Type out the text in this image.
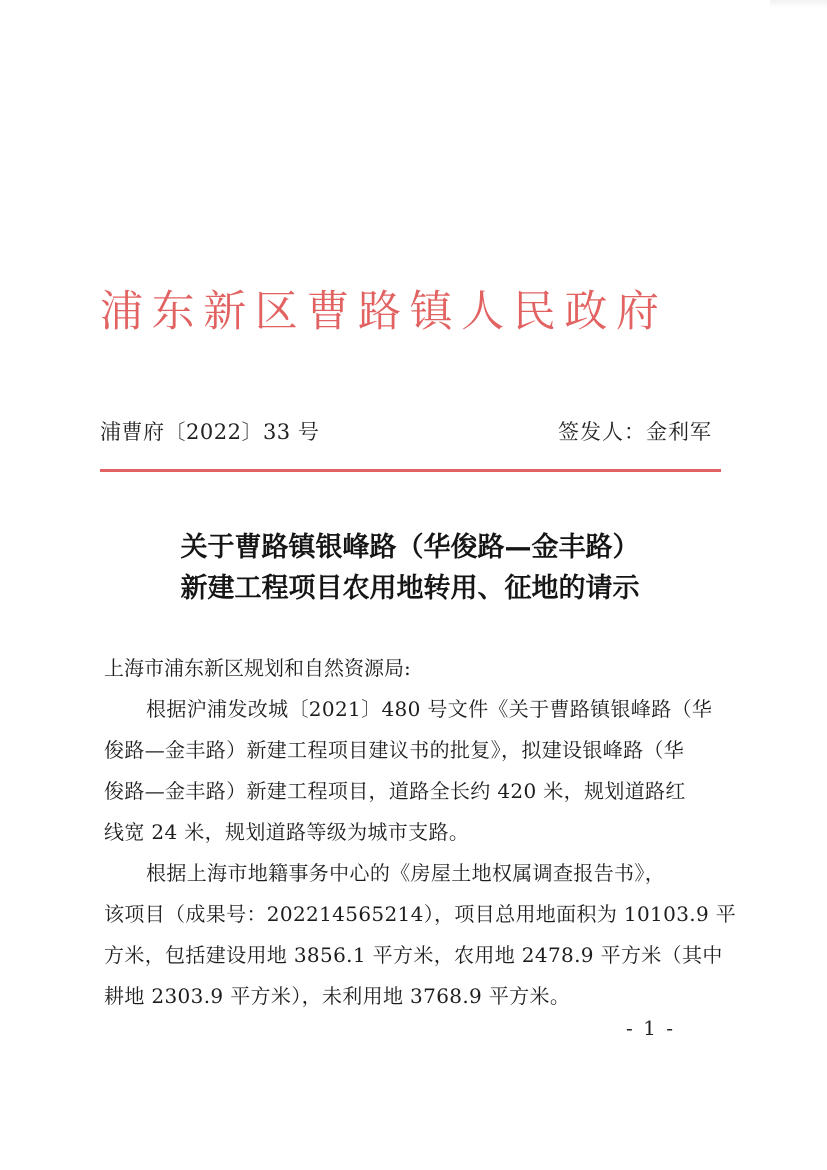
浦东新区曹路镇人民政府
浦曹府〔2022〕33 号	签发人：金利军
关于曹路镇银峰路（华俊路—金丰路）
新建工程项目农用地转用、征地的请示
上海市浦东新区规划和自然资源局:
根据沪浦发改城〔2021〕480 号文件《关于曹路镇银峰路（华
俊路—金丰路）新建工程项目建议书的批复》，拟建设银峰路（华
俊路—金丰路）新建工程项目，道路全长约 420 米，规划道路红
线宽 24 米，规划道路等级为城市支路。
根据上海市地籍事务中心的《房屋土地权属调查报告书》，
该项目（成果号：202214565214），项目总用地面积为 10103.9 平
方米，包括建设用地 3856.1 平方米，农用地 2478.9 平方米（其中
耕地 2303.9 平方米），未利用地 3768.9 平方米。
- 1 -
